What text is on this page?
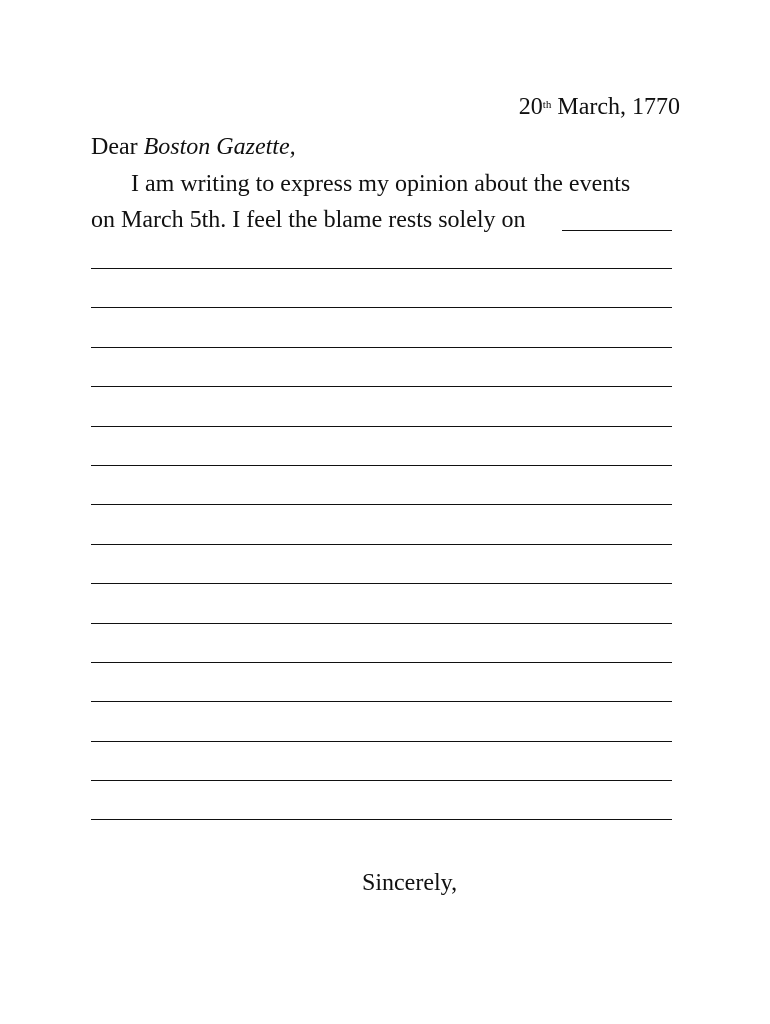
20th March, 1770
Dear Boston Gazette,
I am writing to express my opinion about the events
on March 5th. I feel the blame rests solely on
Sincerely,
